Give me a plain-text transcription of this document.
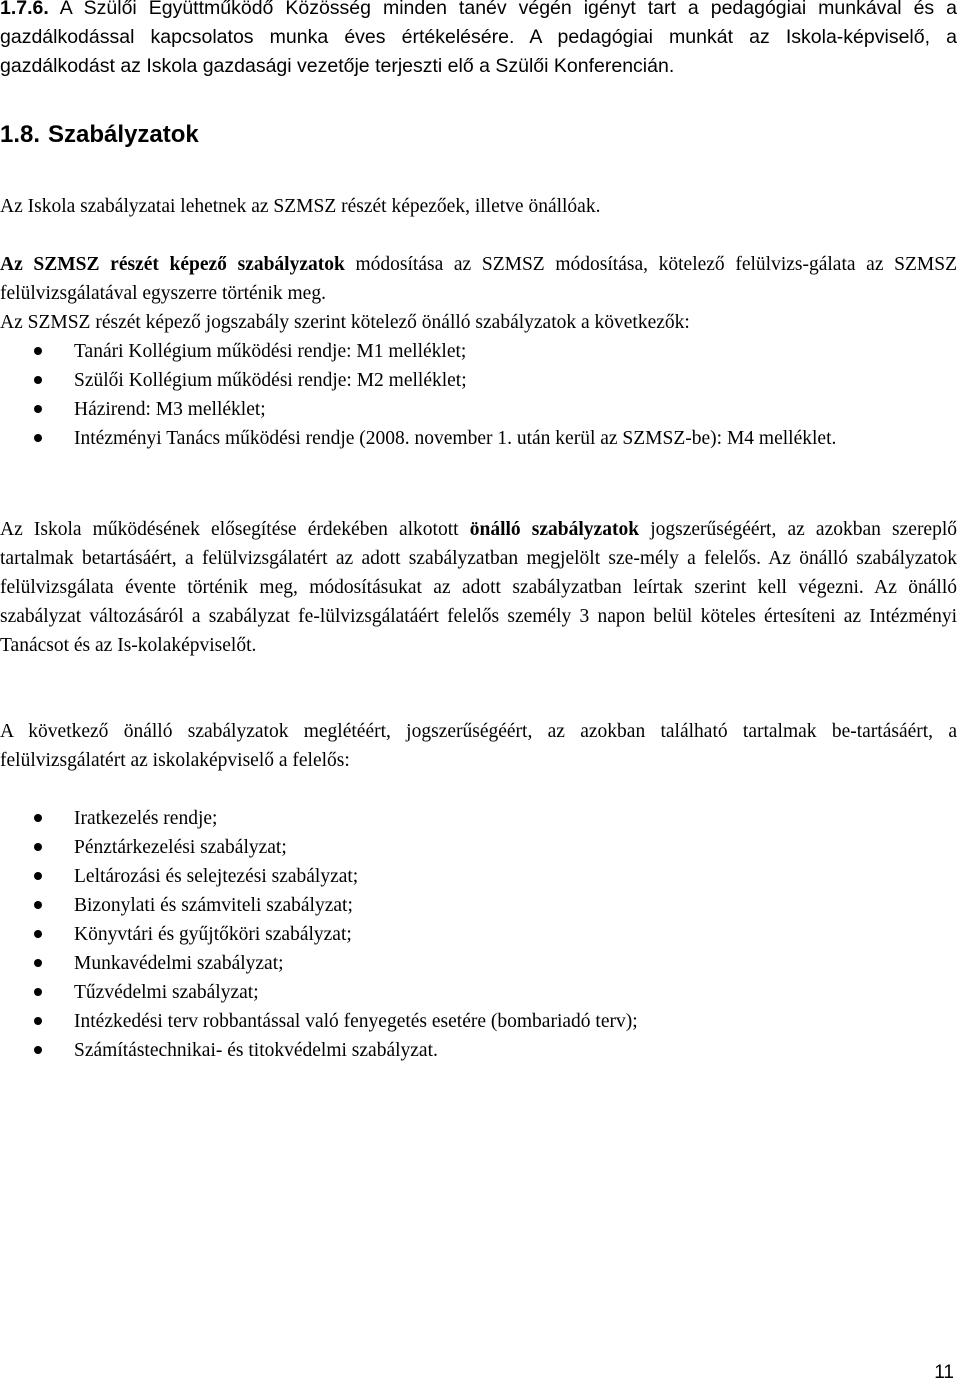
1.7.6. A Szülői Együttműködő Közösség minden tanév végén igényt tart a pedagógiai munkával és a gazdálkodással kapcsolatos munka éves értékelésére. A pedagógiai munkát az Iskola-képviselő, a gazdálkodást az Iskola gazdasági vezetője terjeszti elő a Szülői Konferencián.

1.8. Szabályzatok

Az Iskola szabályzatai lehetnek az SZMSZ részét képezőek, illetve önállóak.

Az SZMSZ részét képező szabályzatok módosítása az SZMSZ módosítása, kötelező felülvizs-gálata az SZMSZ felülvizsgálatával egyszerre történik meg.

Az SZMSZ részét képező jogszabály szerint kötelező önálló szabályzatok a következők:

Tanári Kollégium működési rendje: M1 melléklet;
Szülői Kollégium működési rendje: M2 melléklet;
Házirend: M3 melléklet;
Intézményi Tanács működési rendje (2008. november 1. után kerül az SZMSZ-be): M4 melléklet.

Az Iskola működésének elősegítése érdekében alkotott önálló szabályzatok jogszerűségéért, az azokban szereplő tartalmak betartásáért, a felülvizsgálatért az adott szabályzatban megjelölt sze-mély a felelős. Az önálló szabályzatok felülvizsgálata évente történik meg, módosításukat az adott szabályzatban leírtak szerint kell végezni. Az önálló szabályzat változásáról a szabályzat fe-lülvizsgálatáért felelős személy 3 napon belül köteles értesíteni az Intézményi Tanácsot és az Is-kolaképviselőt.

A következő önálló szabályzatok meglétéért, jogszerűségéért, az azokban található tartalmak be-tartásáért, a felülvizsgálatért az iskolaképviselő a felelős:

Iratkezelés rendje;
Pénztárkezelési szabályzat;
Leltározási és selejtezési szabályzat;
Bizonylati és számviteli szabályzat;
Könyvtári és gyűjtőköri szabályzat;
Munkavédelmi szabályzat;
Tűzvédelmi szabályzat;
Intézkedési terv robbantással való fenyegetés esetére (bombariadó terv);
Számítástechnikai- és titokvédelmi szabályzat.
11
